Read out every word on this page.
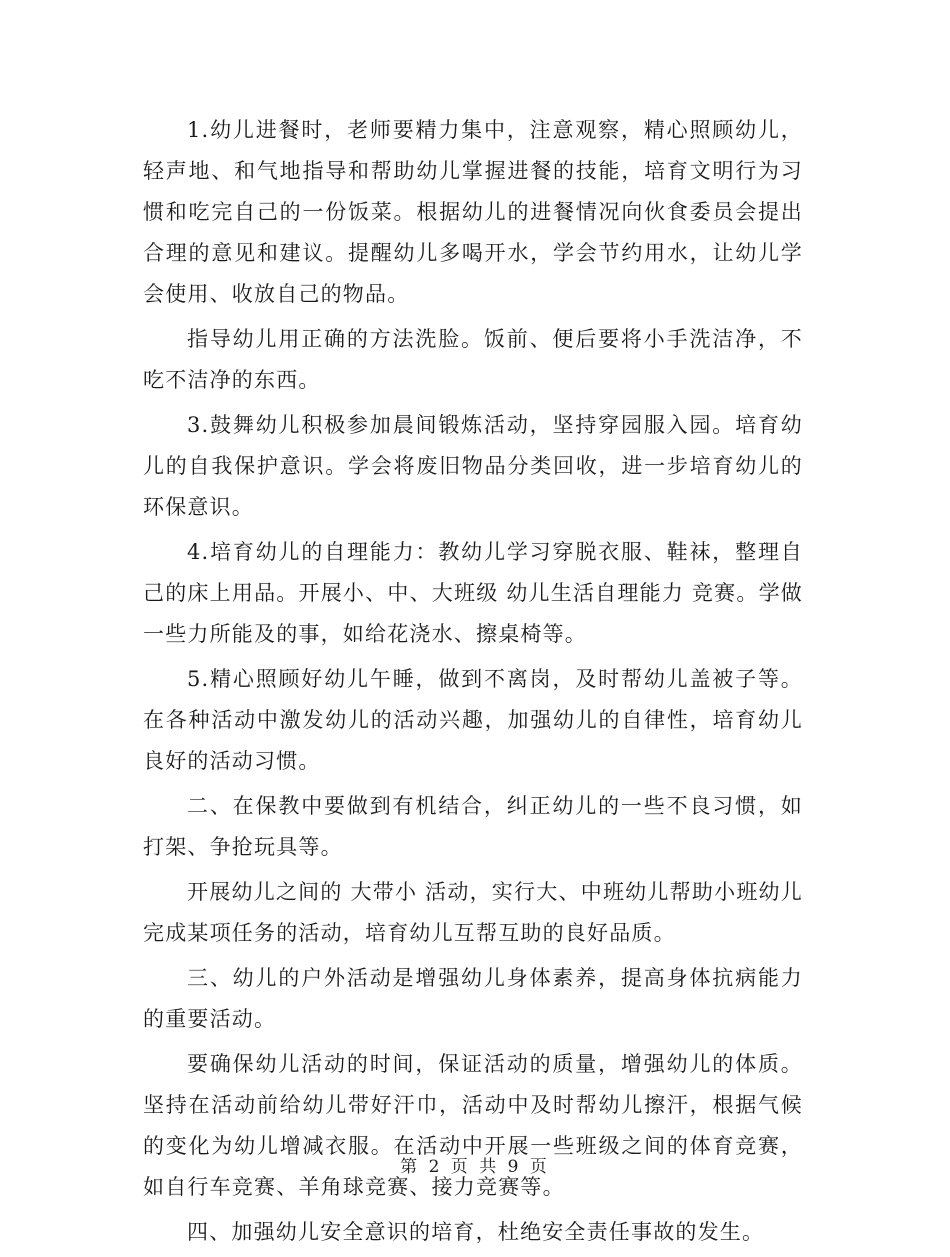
1.幼儿进餐时，老师要精力集中，注意观察，精心照顾幼儿，轻声地、和气地指导和帮助幼儿掌握进餐的技能，培育文明行为习惯和吃完自己的一份饭菜。根据幼儿的进餐情况向伙食委员会提出合理的意见和建议。提醒幼儿多喝开水，学会节约用水，让幼儿学会使用、收放自己的物品。

指导幼儿用正确的方法洗脸。饭前、便后要将小手洗洁净，不吃不洁净的东西。

3.鼓舞幼儿积极参加晨间锻炼活动，坚持穿园服入园。培育幼儿的自我保护意识。学会将废旧物品分类回收，进一步培育幼儿的环保意识。

4.培育幼儿的自理能力：教幼儿学习穿脱衣服、鞋袜，整理自己的床上用品。开展小、中、大班级 幼儿生活自理能力 竞赛。学做一些力所能及的事，如给花浇水、擦桌椅等。

5.精心照顾好幼儿午睡，做到不离岗，及时帮幼儿盖被子等。在各种活动中激发幼儿的活动兴趣，加强幼儿的自律性，培育幼儿良好的活动习惯。

二、在保教中要做到有机结合，纠正幼儿的一些不良习惯，如打架、争抢玩具等。

开展幼儿之间的 大带小 活动，实行大、中班幼儿帮助小班幼儿完成某项任务的活动，培育幼儿互帮互助的良好品质。

三、幼儿的户外活动是增强幼儿身体素养，提高身体抗病能力的重要活动。

要确保幼儿活动的时间，保证活动的质量，增强幼儿的体质。坚持在活动前给幼儿带好汗巾，活动中及时帮幼儿擦汗，根据气候的变化为幼儿增减衣服。在活动中开展一些班级之间的体育竞赛，如自行车竞赛、羊角球竞赛、接力竞赛等。

四、加强幼儿安全意识的培育，杜绝安全责任事故的发生。

第 2 页 共 9 页
